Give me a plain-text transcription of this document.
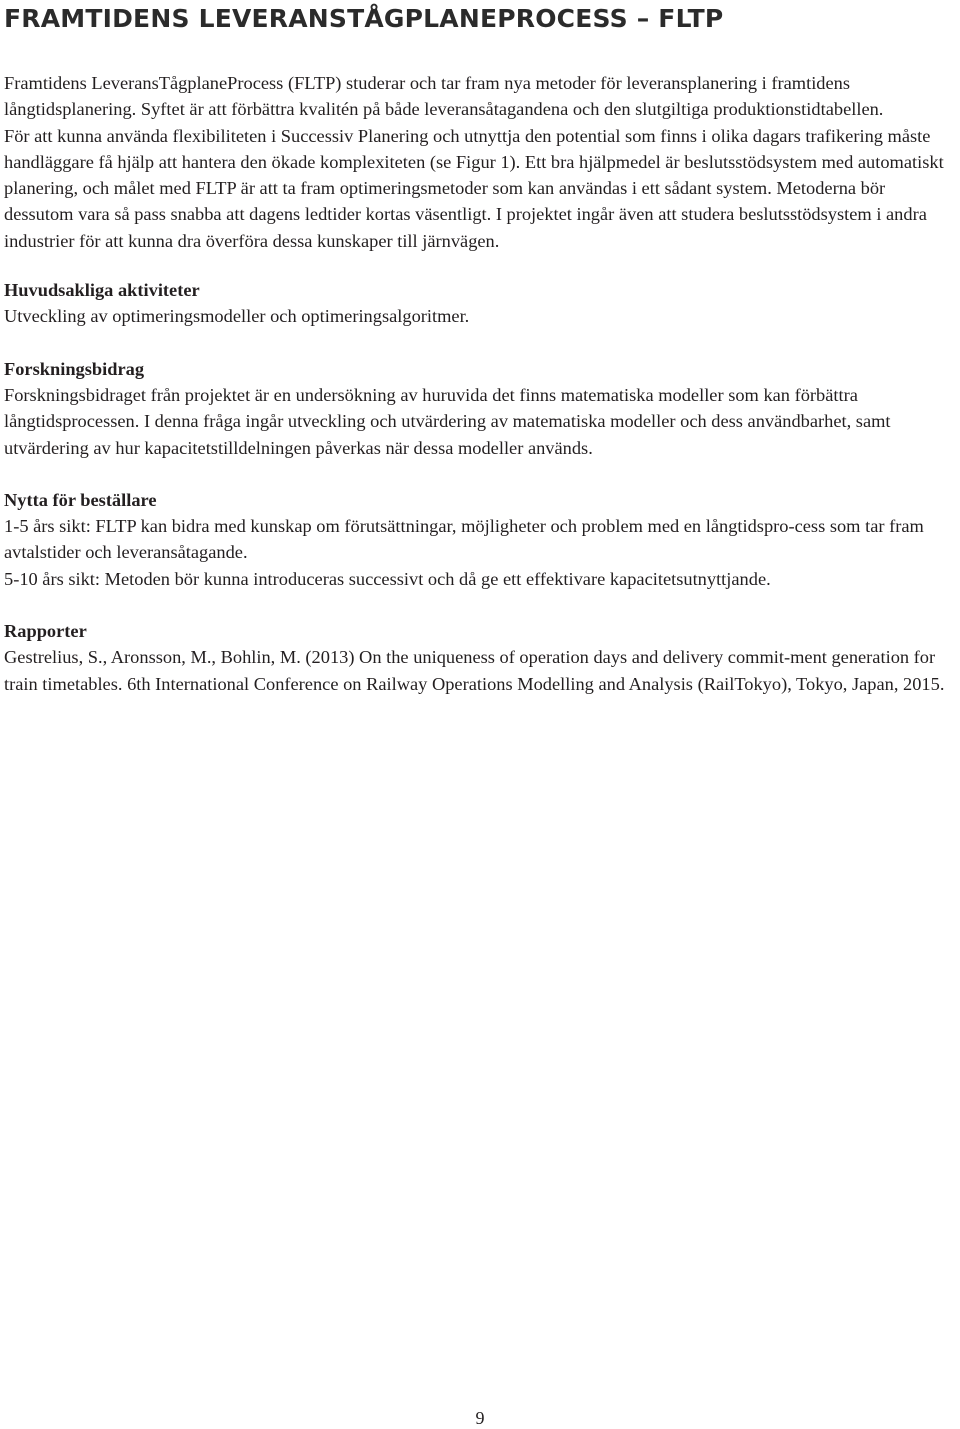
FRAMTIDENS LEVERANSTÅGPLANEPROCESS – FLTP

Framtidens LeveransTågplaneProcess (FLTP) studerar och tar fram nya metoder för leveransplanering i framtidens långtidsplanering. Syftet är att förbättra kvalitén på både leveransåtagandena och den slutgiltiga produktionstidtabellen.

För att kunna använda flexibiliteten i Successiv Planering och utnyttja den potential som finns i olika dagars trafikering måste handläggare få hjälp att hantera den ökade komplexiteten (se Figur 1). Ett bra hjälpmedel är beslutsstödsystem med automatiskt planering, och målet med FLTP är att ta fram optimeringsmetoder som kan användas i ett sådant system. Metoderna bör dessutom vara så pass snabba att dagens ledtider kortas väsentligt. I projektet ingår även att studera beslutsstödsystem i andra industrier för att kunna dra överföra dessa kunskaper till järnvägen.

Huvudsakliga aktiviteter

Utveckling av optimeringsmodeller och optimeringsalgoritmer.

Forskningsbidrag

Forskningsbidraget från projektet är en undersökning av huruvida det finns matematiska modeller som kan förbättra långtidsprocessen. I denna fråga ingår utveckling och utvärdering av matematiska modeller och dess användbarhet, samt utvärdering av hur kapacitetstilldelningen påverkas när dessa modeller används.

Nytta för beställare

1-5 års sikt: FLTP kan bidra med kunskap om förutsättningar, möjligheter och problem med en långtidspro-cess som tar fram avtalstider och leveransåtagande.

5-10 års sikt: Metoden bör kunna introduceras successivt och då ge ett effektivare kapacitetsutnyttjande.

Rapporter

Gestrelius, S., Aronsson, M., Bohlin, M. (2013) On the uniqueness of operation days and delivery commit-ment generation for train timetables. 6th International Conference on Railway Operations Modelling and Analysis (RailTokyo), Tokyo, Japan, 2015.

9
